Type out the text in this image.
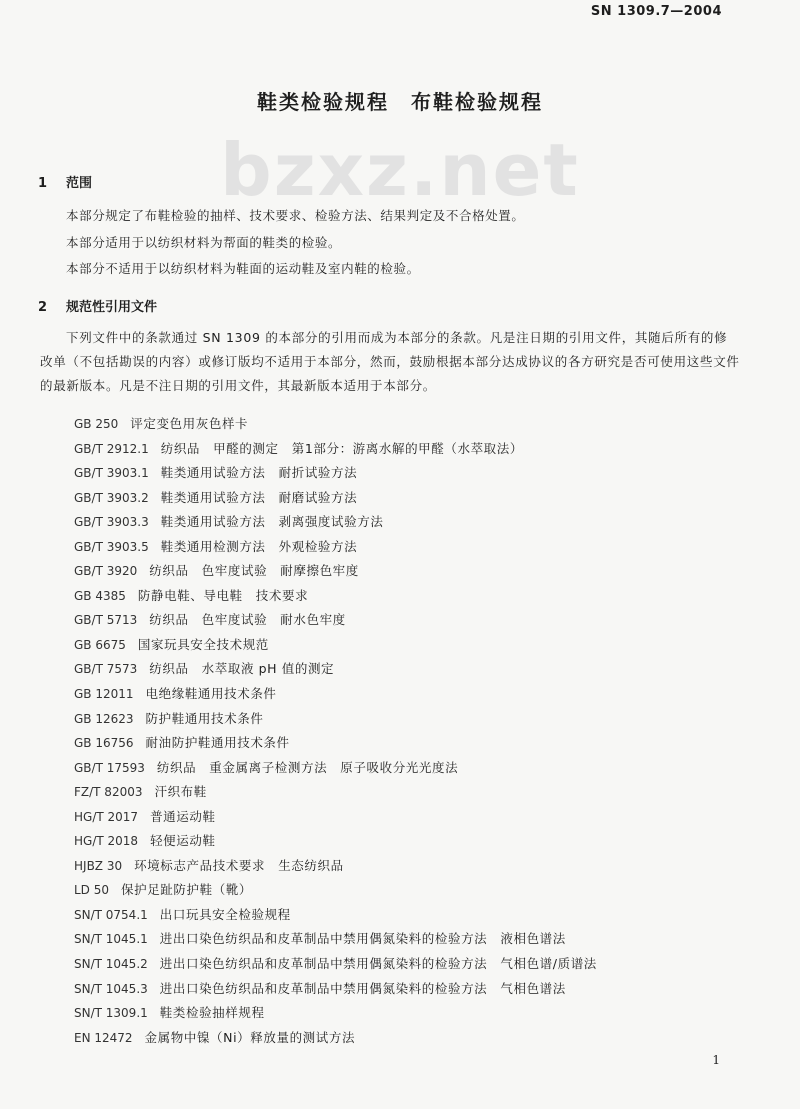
SN 1309.7—2004
bzxz.net
鞋类检验规程　布鞋检验规程
1 范围
本部分规定了布鞋检验的抽样、技术要求、检验方法、结果判定及不合格处置。
本部分适用于以纺织材料为帮面的鞋类的检验。
本部分不适用于以纺织材料为鞋面的运动鞋及室内鞋的检验。
2 规范性引用文件
下列文件中的条款通过 SN 1309 的本部分的引用而成为本部分的条款。凡是注日期的引用文件，其随后所有的修改单（不包括勘误的内容）或修订版均不适用于本部分，然而，鼓励根据本部分达成协议的各方研究是否可使用这些文件的最新版本。凡是不注日期的引用文件，其最新版本适用于本部分。
GB 250 评定变色用灰色样卡
GB/T 2912.1 纺织品　甲醛的测定　第1部分：游离水解的甲醛（水萃取法）
GB/T 3903.1 鞋类通用试验方法　耐折试验方法
GB/T 3903.2 鞋类通用试验方法　耐磨试验方法
GB/T 3903.3 鞋类通用试验方法　剥离强度试验方法
GB/T 3903.5 鞋类通用检测方法　外观检验方法
GB/T 3920 纺织品　色牢度试验　耐摩擦色牢度
GB 4385 防静电鞋、导电鞋　技术要求
GB/T 5713 纺织品　色牢度试验　耐水色牢度
GB 6675 国家玩具安全技术规范
GB/T 7573 纺织品　水萃取液 pH 值的测定
GB 12011 电绝缘鞋通用技术条件
GB 12623 防护鞋通用技术条件
GB 16756 耐油防护鞋通用技术条件
GB/T 17593 纺织品　重金属离子检测方法　原子吸收分光光度法
FZ/T 82003 汗织布鞋
HG/T 2017 普通运动鞋
HG/T 2018 轻便运动鞋
HJBZ 30 环境标志产品技术要求　生态纺织品
LD 50 保护足趾防护鞋（靴）
SN/T 0754.1 出口玩具安全检验规程
SN/T 1045.1 进出口染色纺织品和皮革制品中禁用偶氮染料的检验方法　液相色谱法
SN/T 1045.2 进出口染色纺织品和皮革制品中禁用偶氮染料的检验方法　气相色谱/质谱法
SN/T 1045.3 进出口染色纺织品和皮革制品中禁用偶氮染料的检验方法　气相色谱法
SN/T 1309.1 鞋类检验抽样规程
EN 12472 金属物中镍（Ni）释放量的测试方法
1
